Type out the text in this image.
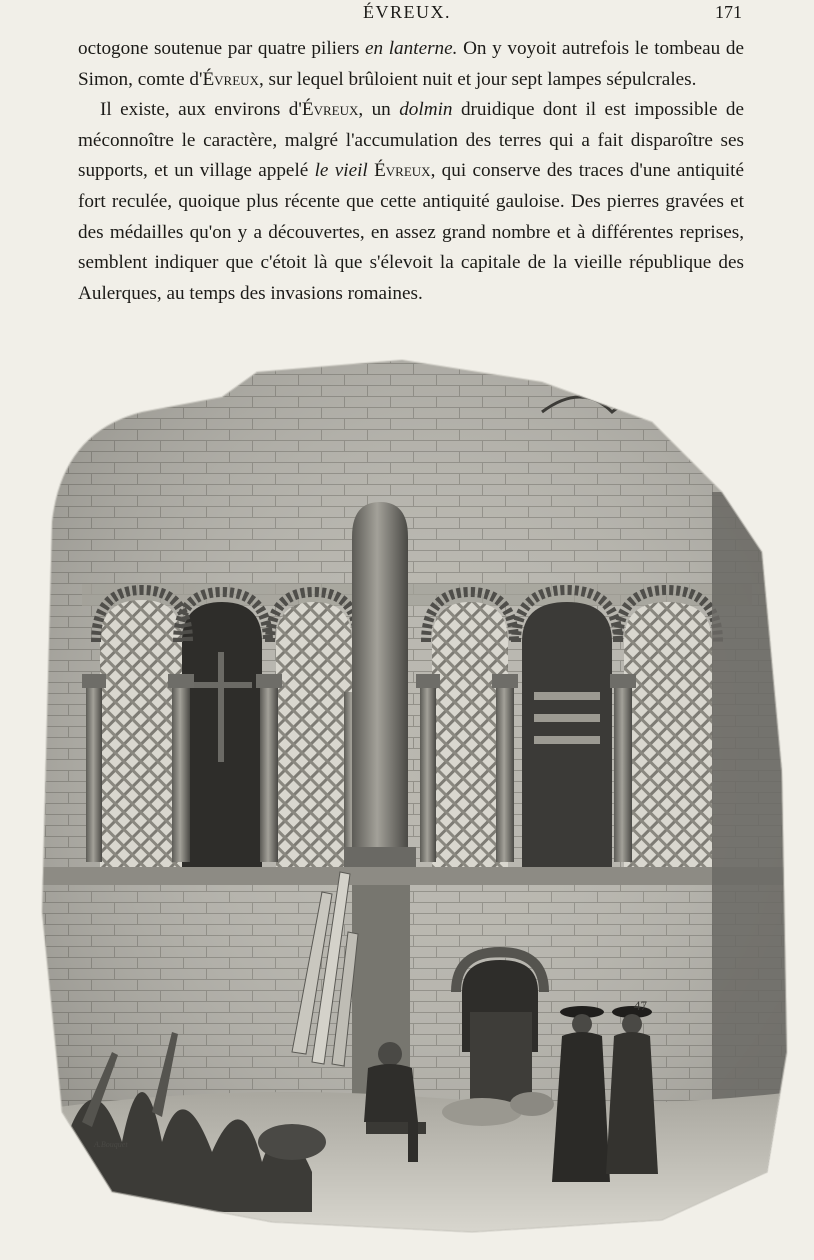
ÉVREUX.	171

octogone soutenue par quatre piliers en lanterne. On y voyoit autrefois le tombeau de Simon, comte d'Évreux, sur lequel brûloient nuit et jour sept lampes sépulcrales.

Il existe, aux environs d'Évreux, un dolmin druidique dont il est impossible de méconnoître le caractère, malgré l'accumulation des terres qui a fait disparoître ses supports, et un village appelé le vieil Évreux, qui conserve des traces d'une antiquité fort reculée, quoique plus récente que cette antiquité gauloise. Des pierres gravées et des médailles qu'on y a découvertes, en assez grand nombre et à différentes reprises, semblent indiquer que c'étoit là que s'élevoit la capitale de la vieille république des Aulerques, au temps des invasions romaines.

47
A.Bouquet
